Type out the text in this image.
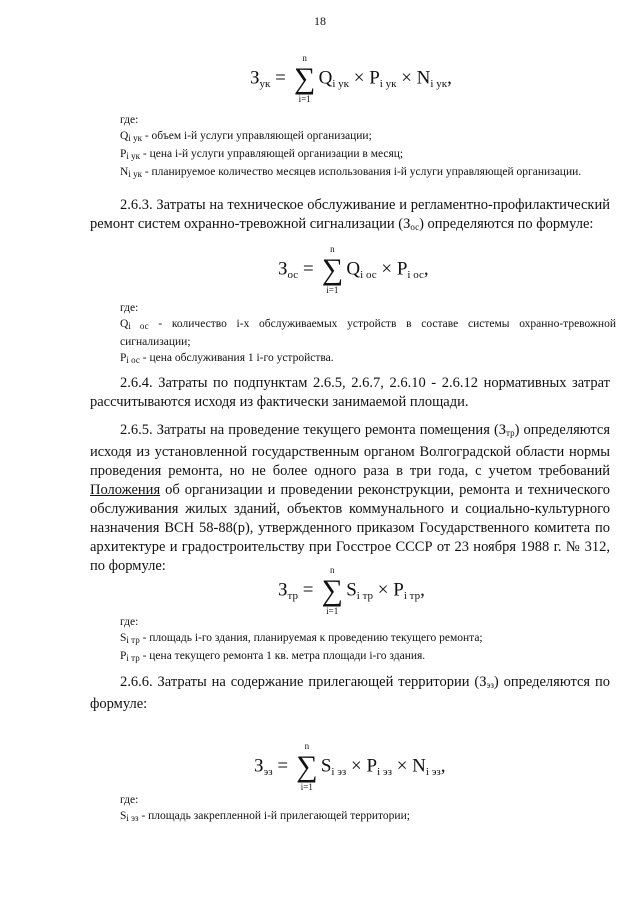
18
$З_{ук}$ = ∑
n
i=1
$Q_{i ук} \times P_{i ук} \times N_{i ук}$,
где:
Qi ук - объем i-й услуги управляющей организации;
Pi ук - цена i-й услуги управляющей организации в месяц;
Ni ук - планируемое количество месяцев использования i-й услуги управляющей организации.
2.6.3. Затраты на техническое обслуживание и регламентно-профилактический ремонт систем охранно-тревожной сигнализации $(З_{ос})$ определяются по формуле:
$З_{ос}$ = ∑
n
i=1
$Q_{i ос} \times P_{i ос}$,
где:
Qi ос - количество i-х обслуживаемых устройств в составе системы охранно-тревожной сигнализации;
Pi ос - цена обслуживания 1 i-го устройства.
2.6.4. Затраты по подпунктам 2.6.5, 2.6.7, 2.6.10 - 2.6.12 нормативных затрат рассчитываются исходя из фактически занимаемой площади.
2.6.5. Затраты на проведение текущего ремонта помещения $(З_{тр})$ определяются исходя из установленной государственным органом Волгоградской области нормы проведения ремонта, но не более одного раза в три года, с учетом требований Положения об организации и проведении реконструкции, ремонта и технического обслуживания жилых зданий, объектов коммунального и социально-культурного назначения ВСН 58-88(р), утвержденного приказом Государственного комитета по архитектуре и градостроительству при Госстрое СССР от 23 ноября 1988 г. № 312, по формуле:
$З_{тр}$ = ∑
n
i=1
$S_{i тр} \times P_{i тр}$,
где:
Si тр - площадь i-го здания, планируемая к проведению текущего ремонта;
Pi тр - цена текущего ремонта 1 кв. метра площади i-го здания.
2.6.6. Затраты на содержание прилегающей территории $(З_{эз})$ определяются по формуле:
$З_{эз}$ = ∑
n
i=1
$S_{i эз} \times P_{i эз} \times N_{i эз}$,
где:
Si эз - площадь закрепленной i-й прилегающей территории;
